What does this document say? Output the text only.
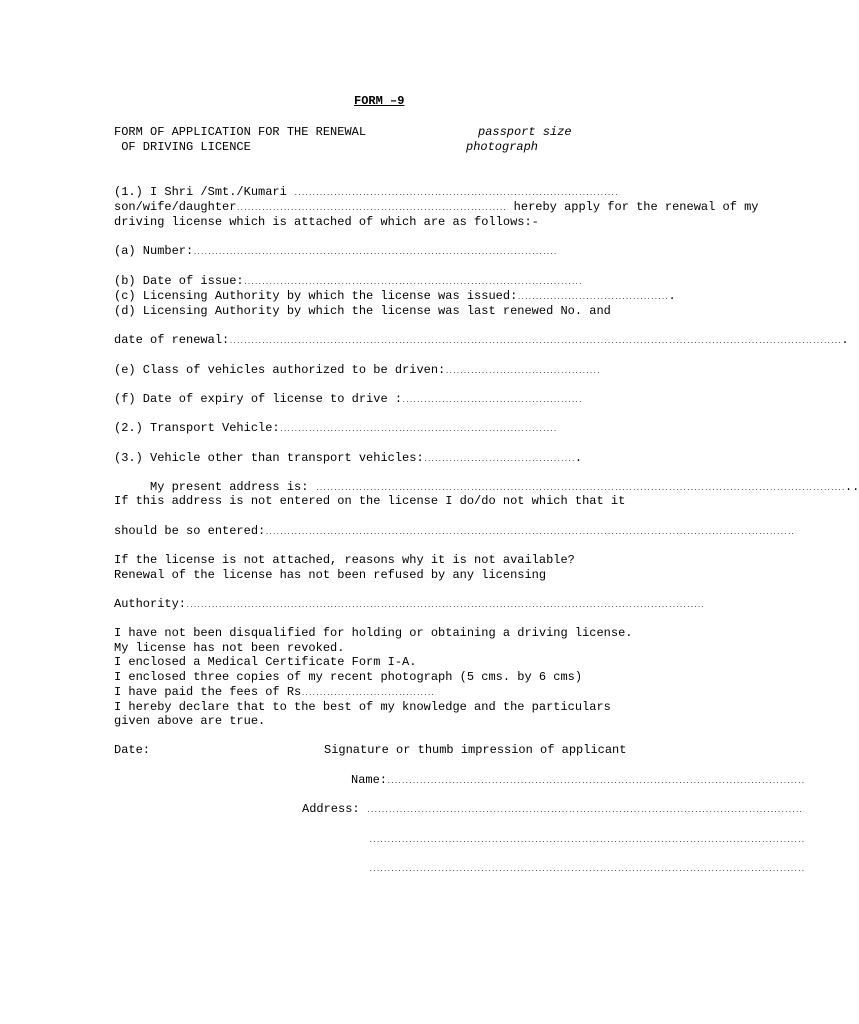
FORM –9
FORM OF APPLICATION FOR THE RENEWAL
OF DRIVING LICENCE
passport size
photograph
(1.) I Shri /Smt./Kumari ..........................................................................................
son/wife/daughter........................................................................... hereby apply for the renewal of my
driving license which is attached of which are as follows:-
(a) Number:.....................................................................................................
(b) Date of issue:..............................................................................................
(c) Licensing Authority by which the license was issued:...........................................
(d) Licensing Authority by which the license was last renewed No. and
date of renewal:...........................................................................................................................................................................
(e) Class of vehicles authorized to be driven:...........................................
(f) Date of expiry of license to drive :..................................................
(2.) Transport Vehicle:.............................................................................
(3.) Vehicle other than transport vehicles:...........................................
My present address is: .....................................................................................................................................................
If this address is not entered on the license I do/do not which that it
should be so entered:...................................................................................................................................................
If the license is not attached, reasons why it is not available?
Renewal of the license has not been refused by any licensing
Authority:................................................................................................................................................
I have not been disqualified for holding or obtaining a driving license.
My license has not been revoked.
I enclosed a Medical Certificate Form I-A.
I enclosed three copies of my recent photograph (5 cms. by 6 cms)
I have paid the fees of Rs.....................................
I hereby declare that to the best of my knowledge and the particulars
given above are true.
Date:	Signature or thumb impression of applicant
Name:....................................................................................................................
Address: .........................................................................................................................
.........................................................................................................................
.........................................................................................................................
